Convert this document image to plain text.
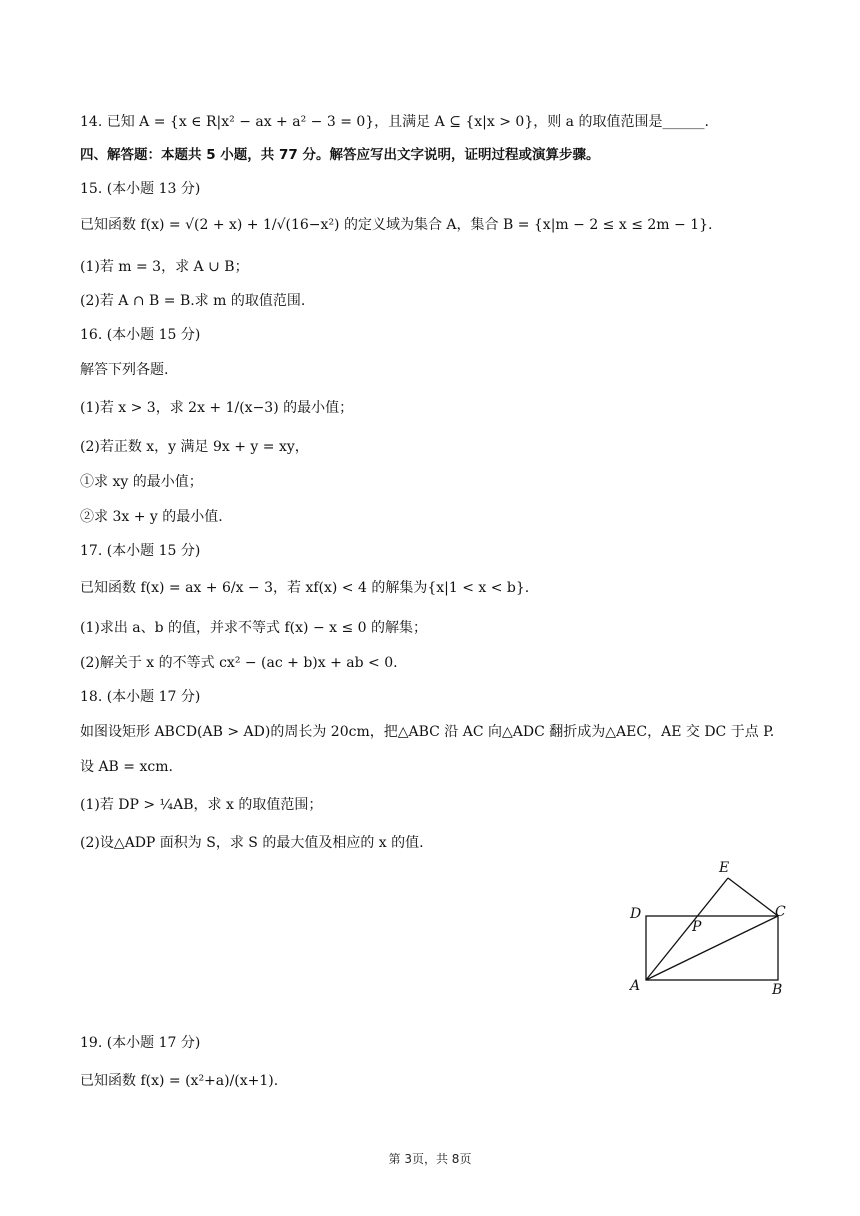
14. 已知 A = {x ∈ R|x² − ax + a² − 3 = 0}，且满足 A ⊆ {x|x > 0}，则 a 的取值范围是______.
四、解答题：本题共 5 小题，共 77 分。解答应写出文字说明，证明过程或演算步骤。
15. (本小题 13 分)
已知函数 f(x) = √(2 + x) + 1/√(16−x²) 的定义域为集合 A，集合 B = {x|m − 2 ≤ x ≤ 2m − 1}.
(1)若 m = 3，求 A ∪ B；
(2)若 A ∩ B = B.求 m 的取值范围.
16. (本小题 15 分)
解答下列各题.
(1)若 x > 3，求 2x + 1/(x−3) 的最小值；
(2)若正数 x，y 满足 9x + y = xy，
①求 xy 的最小值；
②求 3x + y 的最小值.
17. (本小题 15 分)
已知函数 f(x) = ax + 6/x − 3，若 xf(x) < 4 的解集为{x|1 < x < b}.
(1)求出 a、b 的值，并求不等式 f(x) − x ≤ 0 的解集；
(2)解关于 x 的不等式 cx² − (ac + b)x + ab < 0.
18. (本小题 17 分)
如图设矩形 ABCD(AB > AD)的周长为 20cm，把△ABC 沿 AC 向△ADC 翻折成为△AEC，AE 交 DC 于点 P.
设 AB = xcm.
(1)若 DP > ¼AB，求 x 的取值范围；
(2)设△ADP 面积为 S，求 S 的最大值及相应的 x 的值.
19. (本小题 17 分)
已知函数 f(x) = (x²+a)/(x+1).
E
D	C
P
A	B
第 3页，共 8页
